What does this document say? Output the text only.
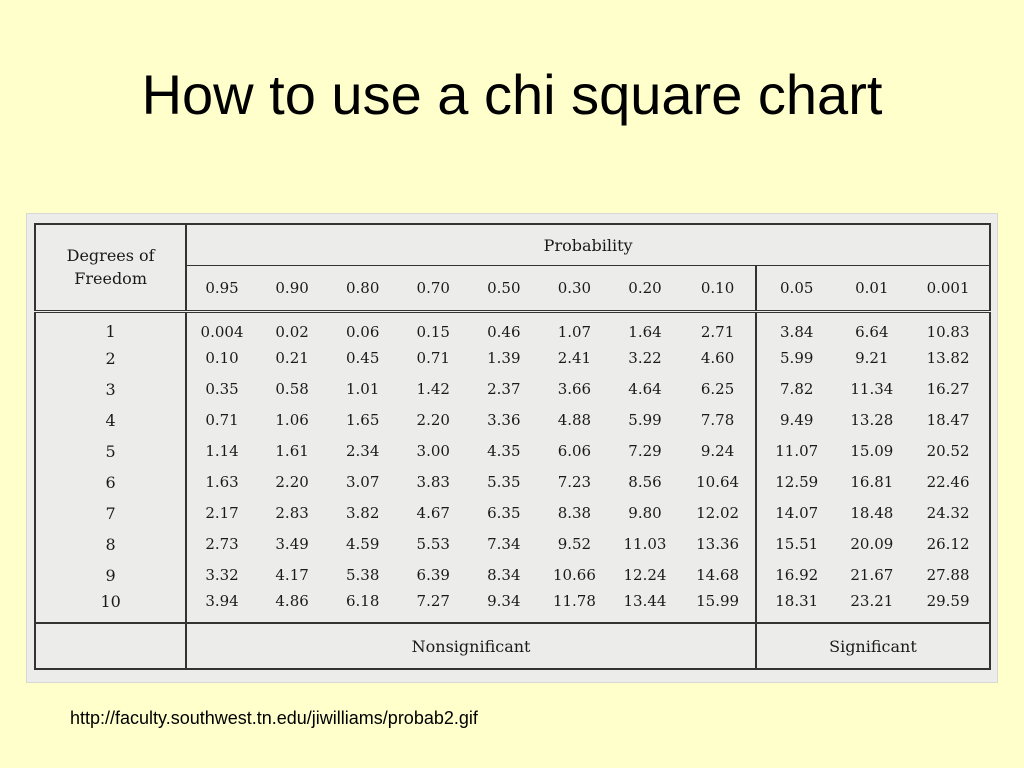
How to use a chi square chart
Degrees of Freedom	Probability										
	0.95	0.90	0.80	0.70	0.50	0.30	0.20	0.10	0.05	0.01	0.001
1	0.004	0.02	0.06	0.15	0.46	1.07	1.64	2.71	3.84	6.64	10.83
2	0.10	0.21	0.45	0.71	1.39	2.41	3.22	4.60	5.99	9.21	13.82
3	0.35	0.58	1.01	1.42	2.37	3.66	4.64	6.25	7.82	11.34	16.27
4	0.71	1.06	1.65	2.20	3.36	4.88	5.99	7.78	9.49	13.28	18.47
5	1.14	1.61	2.34	3.00	4.35	6.06	7.29	9.24	11.07	15.09	20.52
6	1.63	2.20	3.07	3.83	5.35	7.23	8.56	10.64	12.59	16.81	22.46
7	2.17	2.83	3.82	4.67	6.35	8.38	9.80	12.02	14.07	18.48	24.32
8	2.73	3.49	4.59	5.53	7.34	9.52	11.03	13.36	15.51	20.09	26.12
9	3.32	4.17	5.38	6.39	8.34	10.66	12.24	14.68	16.92	21.67	27.88
10	3.94	4.86	6.18	7.27	9.34	11.78	13.44	15.99	18.31	23.21	29.59
	Nonsignificant								Significant		
http://faculty.southwest.tn.edu/jiwilliams/probab2.gif
